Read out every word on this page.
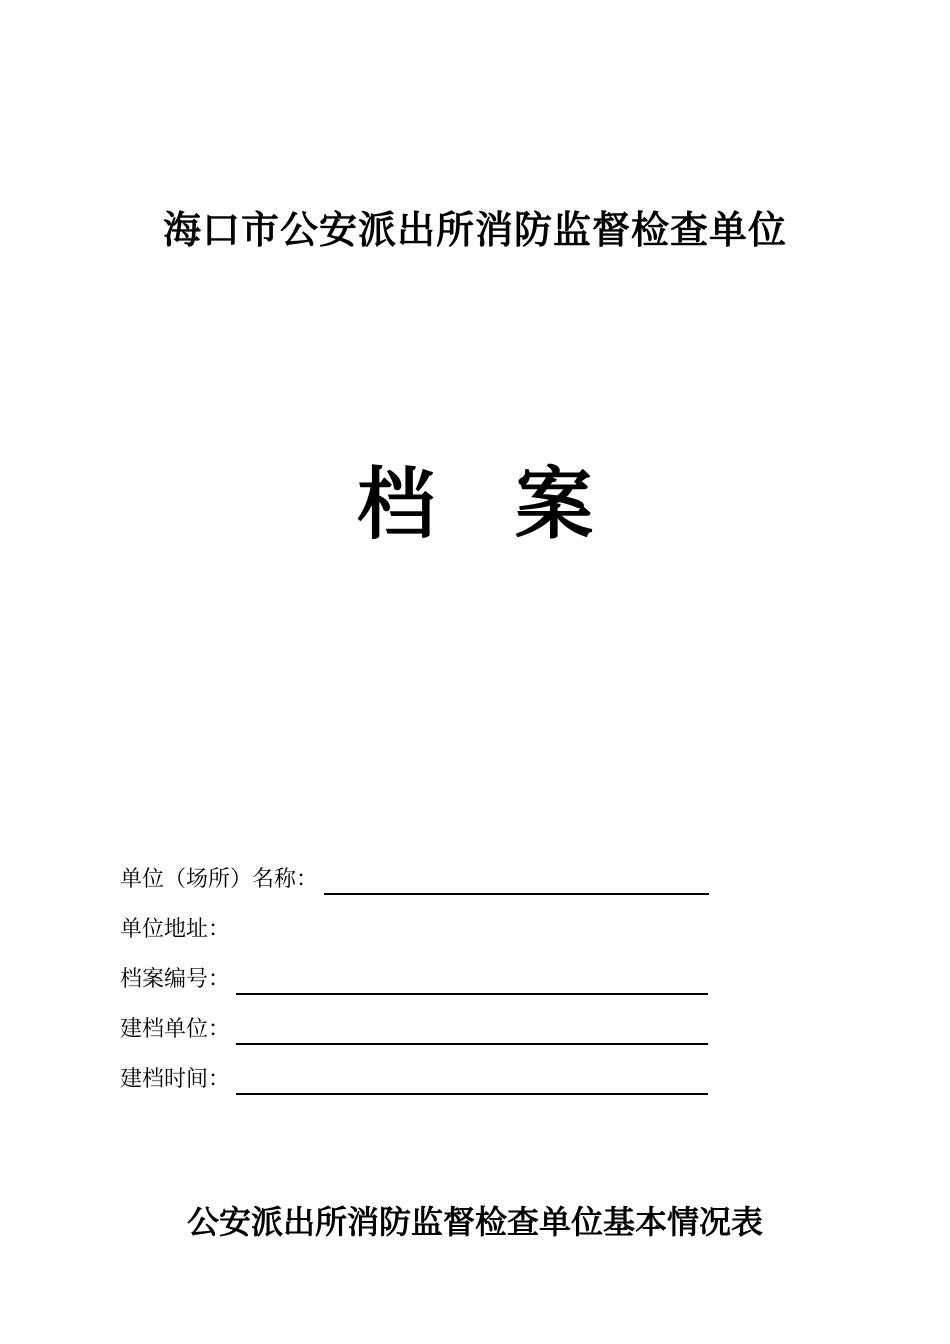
海口市公安派出所消防监督检查单位
档 案
单位（场所）名称：
单位地址：
档案编号：
建档单位：
建档时间：
公安派出所消防监督检查单位基本情况表
